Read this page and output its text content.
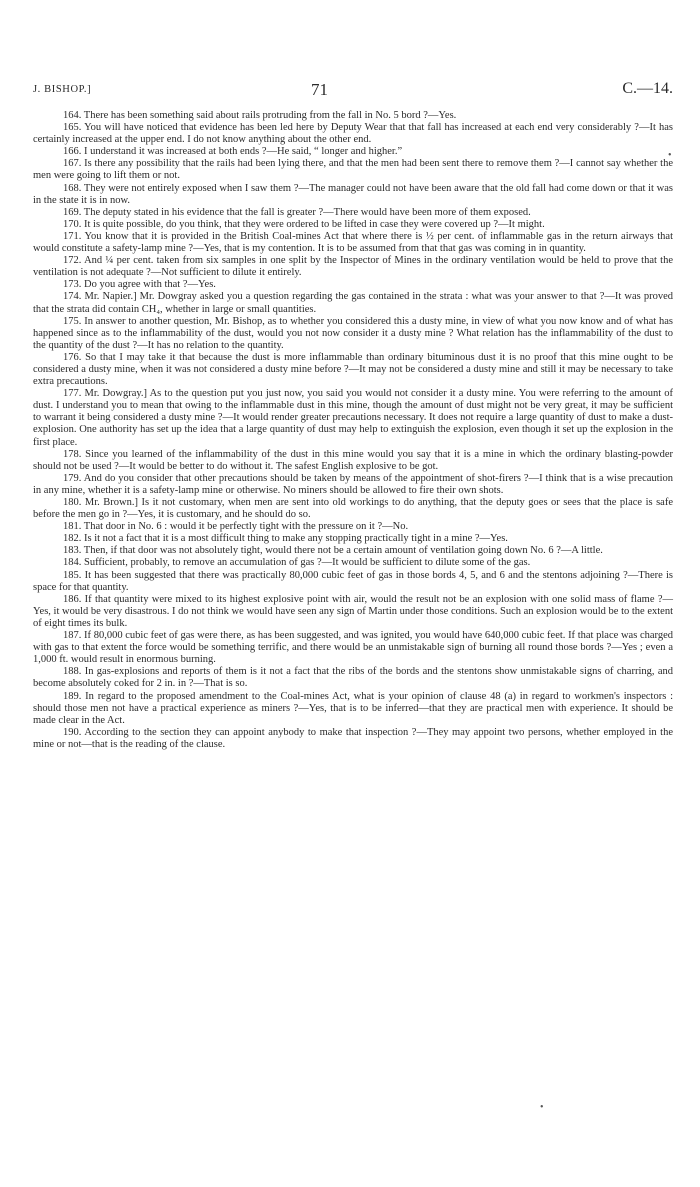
J. BISHOP.]	71	C.—14.
•
•

164. There has been something said about rails protruding from the fall in No. 5 bord ?—Yes.

165. You will have noticed that evidence has been led here by Deputy Wear that that fall has increased at each end very considerably ?—It has certainly increased at the upper end. I do not know anything about the other end.

166. I understand it was increased at both ends ?—He said, “ longer and higher.”

167. Is there any possibility that the rails had been lying there, and that the men had been sent there to remove them ?—I cannot say whether the men were going to lift them or not.

168. They were not entirely exposed when I saw them ?—The manager could not have been aware that the old fall had come down or that it was in the state it is in now.

169. The deputy stated in his evidence that the fall is greater ?—There would have been more of them exposed.

170. It is quite possible, do you think, that they were ordered to be lifted in case they were covered up ?—It might.

171. You know that it is provided in the British Coal-mines Act that where there is ½ per cent. of inflammable gas in the return airways that would constitute a safety-lamp mine ?—Yes, that is my contention. It is to be assumed from that that gas was coming in in quantity.

172. And ¼ per cent. taken from six samples in one split by the Inspector of Mines in the ordinary ventilation would be held to prove that the ventilation is not adequate ?—Not sufficient to dilute it entirely.

173. Do you agree with that ?—Yes.

174. Mr. Napier.] Mr. Dowgray asked you a question regarding the gas contained in the strata : what was your answer to that ?—It was proved that the strata did contain CH₄, whether in large or small quantities.

175. In answer to another question, Mr. Bishop, as to whether you considered this a dusty mine, in view of what you now know and of what has happened since as to the inflammability of the dust, would you not now consider it a dusty mine ? What relation has the inflammability of the dust to the quantity of the dust ?—It has no relation to the quantity.

176. So that I may take it that because the dust is more inflammable than ordinary bituminous dust it is no proof that this mine ought to be considered a dusty mine, when it was not considered a dusty mine before ?—It may not be considered a dusty mine and still it may be necessary to take extra precautions.

177. Mr. Dowgray.] As to the question put you just now, you said you would not consider it a dusty mine. You were referring to the amount of dust. I understand you to mean that owing to the inflammable dust in this mine, though the amount of dust might not be very great, it may be sufficient to warrant it being considered a dusty mine ?—It would render greater precautions necessary. It does not require a large quantity of dust to make a dust-explosion. One authority has set up the idea that a large quantity of dust may help to extinguish the explosion, even though it set up the explosion in the first place.

178. Since you learned of the inflammability of the dust in this mine would you say that it is a mine in which the ordinary blasting-powder should not be used ?—It would be better to do without it. The safest English explosive to be got.

179. And do you consider that other precautions should be taken by means of the appointment of shot-firers ?—I think that is a wise precaution in any mine, whether it is a safety-lamp mine or otherwise. No miners should be allowed to fire their own shots.

180. Mr. Brown.] Is it not customary, when men are sent into old workings to do anything, that the deputy goes or sees that the place is safe before the men go in ?—Yes, it is customary, and he should do so.

181. That door in No. 6 : would it be perfectly tight with the pressure on it ?—No.

182. Is it not a fact that it is a most difficult thing to make any stopping practically tight in a mine ?—Yes.

183. Then, if that door was not absolutely tight, would there not be a certain amount of ventilation going down No. 6 ?—A little.

184. Sufficient, probably, to remove an accumulation of gas ?—It would be sufficient to dilute some of the gas.

185. It has been suggested that there was practically 80,000 cubic feet of gas in those bords 4, 5, and 6 and the stentons adjoining ?—There is space for that quantity.

186. If that quantity were mixed to its highest explosive point with air, would the result not be an explosion with one solid mass of flame ?—Yes, it would be very disastrous. I do not think we would have seen any sign of Martin under those conditions. Such an explosion would be to the extent of eight times its bulk.

187. If 80,000 cubic feet of gas were there, as has been suggested, and was ignited, you would have 640,000 cubic feet. If that place was charged with gas to that extent the force would be something terrific, and there would be an unmistakable sign of burning all round those bords ?—Yes ; even a 1,000 ft. would result in enormous burning.

188. In gas-explosions and reports of them is it not a fact that the ribs of the bords and the stentons show unmistakable signs of charring, and become absolutely coked for 2 in. in ?—That is so.

189. In regard to the proposed amendment to the Coal-mines Act, what is your opinion of clause 48 (a) in regard to workmen's inspectors : should those men not have a practical experience as miners ?—Yes, that is to be inferred—that they are practical men with experience. It should be made clear in the Act.

190. According to the section they can appoint anybody to make that inspection ?—They may appoint two persons, whether employed in the mine or not—that is the reading of the clause.
